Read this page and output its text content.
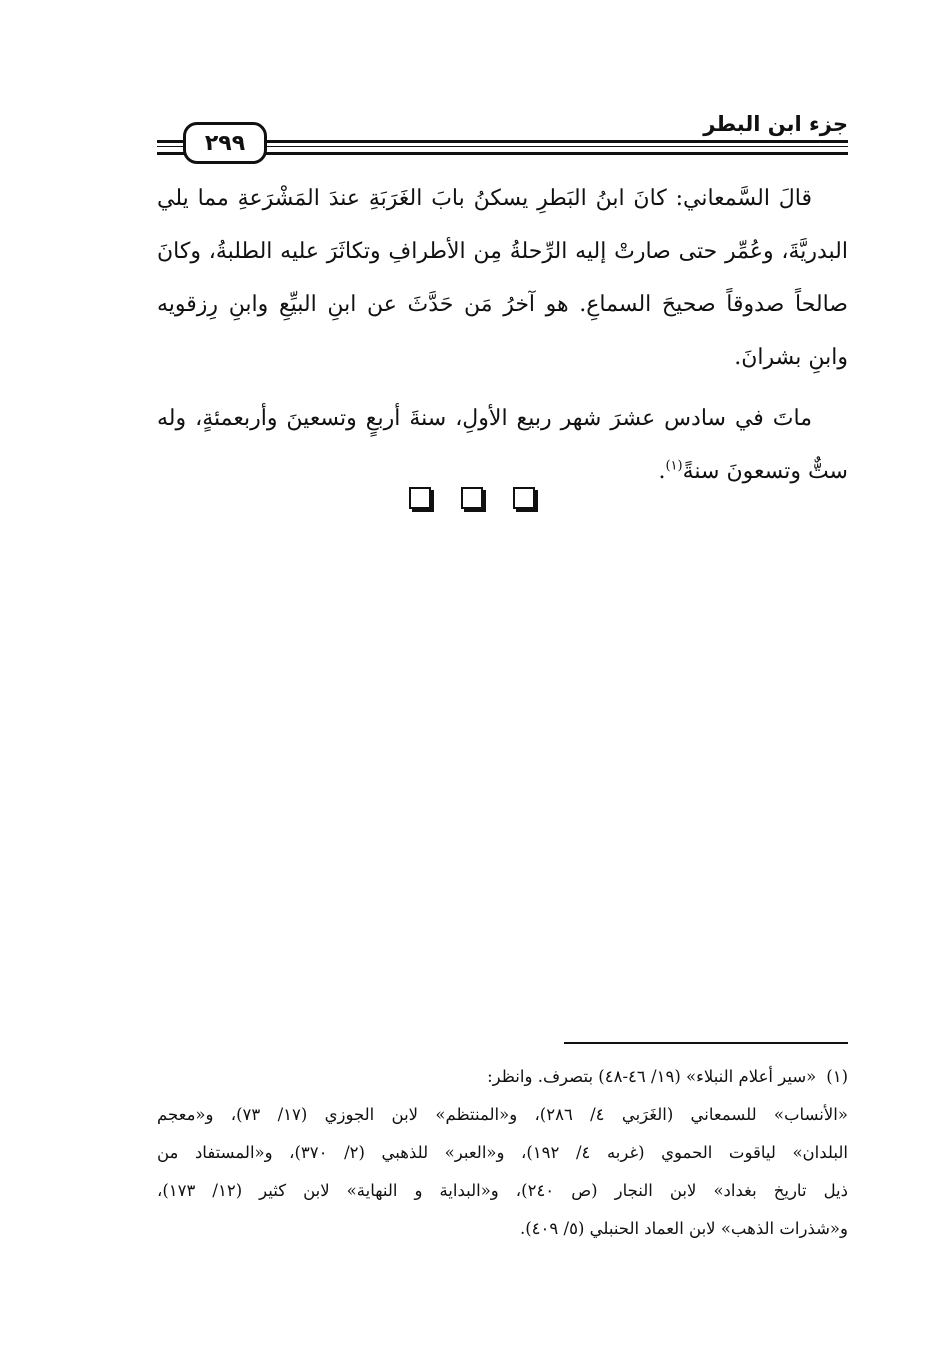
جزء ابن البطر
٢٩٩

قالَ السَّمعاني: كانَ ابنُ البَطرِ يسكنُ بابَ الغَرَبَةِ عندَ المَشْرَعةِ مما يلي البدريَّةَ، وعُمِّر حتى صارتْ إليه الرِّحلةُ مِن الأطرافِ وتكاثَرَ عليه الطلبةُ، وكانَ صالحاً صدوقاً صحيحَ السماعِ. هو آخرُ مَن حَدَّثَ عن ابنِ البيِّعِ وابنِ رِزقويه وابنِ بشرانَ.

ماتَ في سادس عشرَ شهر ربيع الأولِ، سنةَ أربعٍ وتسعينَ وأربعمئةٍ، وله ستٌّ وتسعونَ سنةً$^{(١)}$.

(١)«سير أعلام النبلاء» (١٩/ ٤٦-٤٨) بتصرف. وانظر:

«الأنساب» للسمعاني (الغَرَبي ٤/ ٢٨٦)، و«المنتظم» لابن الجوزي (١٧/ ٧٣)، و«معجم

البلدان» لياقوت الحموي (غربه ٤/ ١٩٢)، و«العبر» للذهبي (٢/ ٣٧٠)، و«المستفاد من

ذيل تاريخ بغداد» لابن النجار (ص ٢٤٠)، و«البداية و النهاية» لابن كثير (١٢/ ١٧٣)،

و«شذرات الذهب» لابن العماد الحنبلي (٥/ ٤٠٩).
